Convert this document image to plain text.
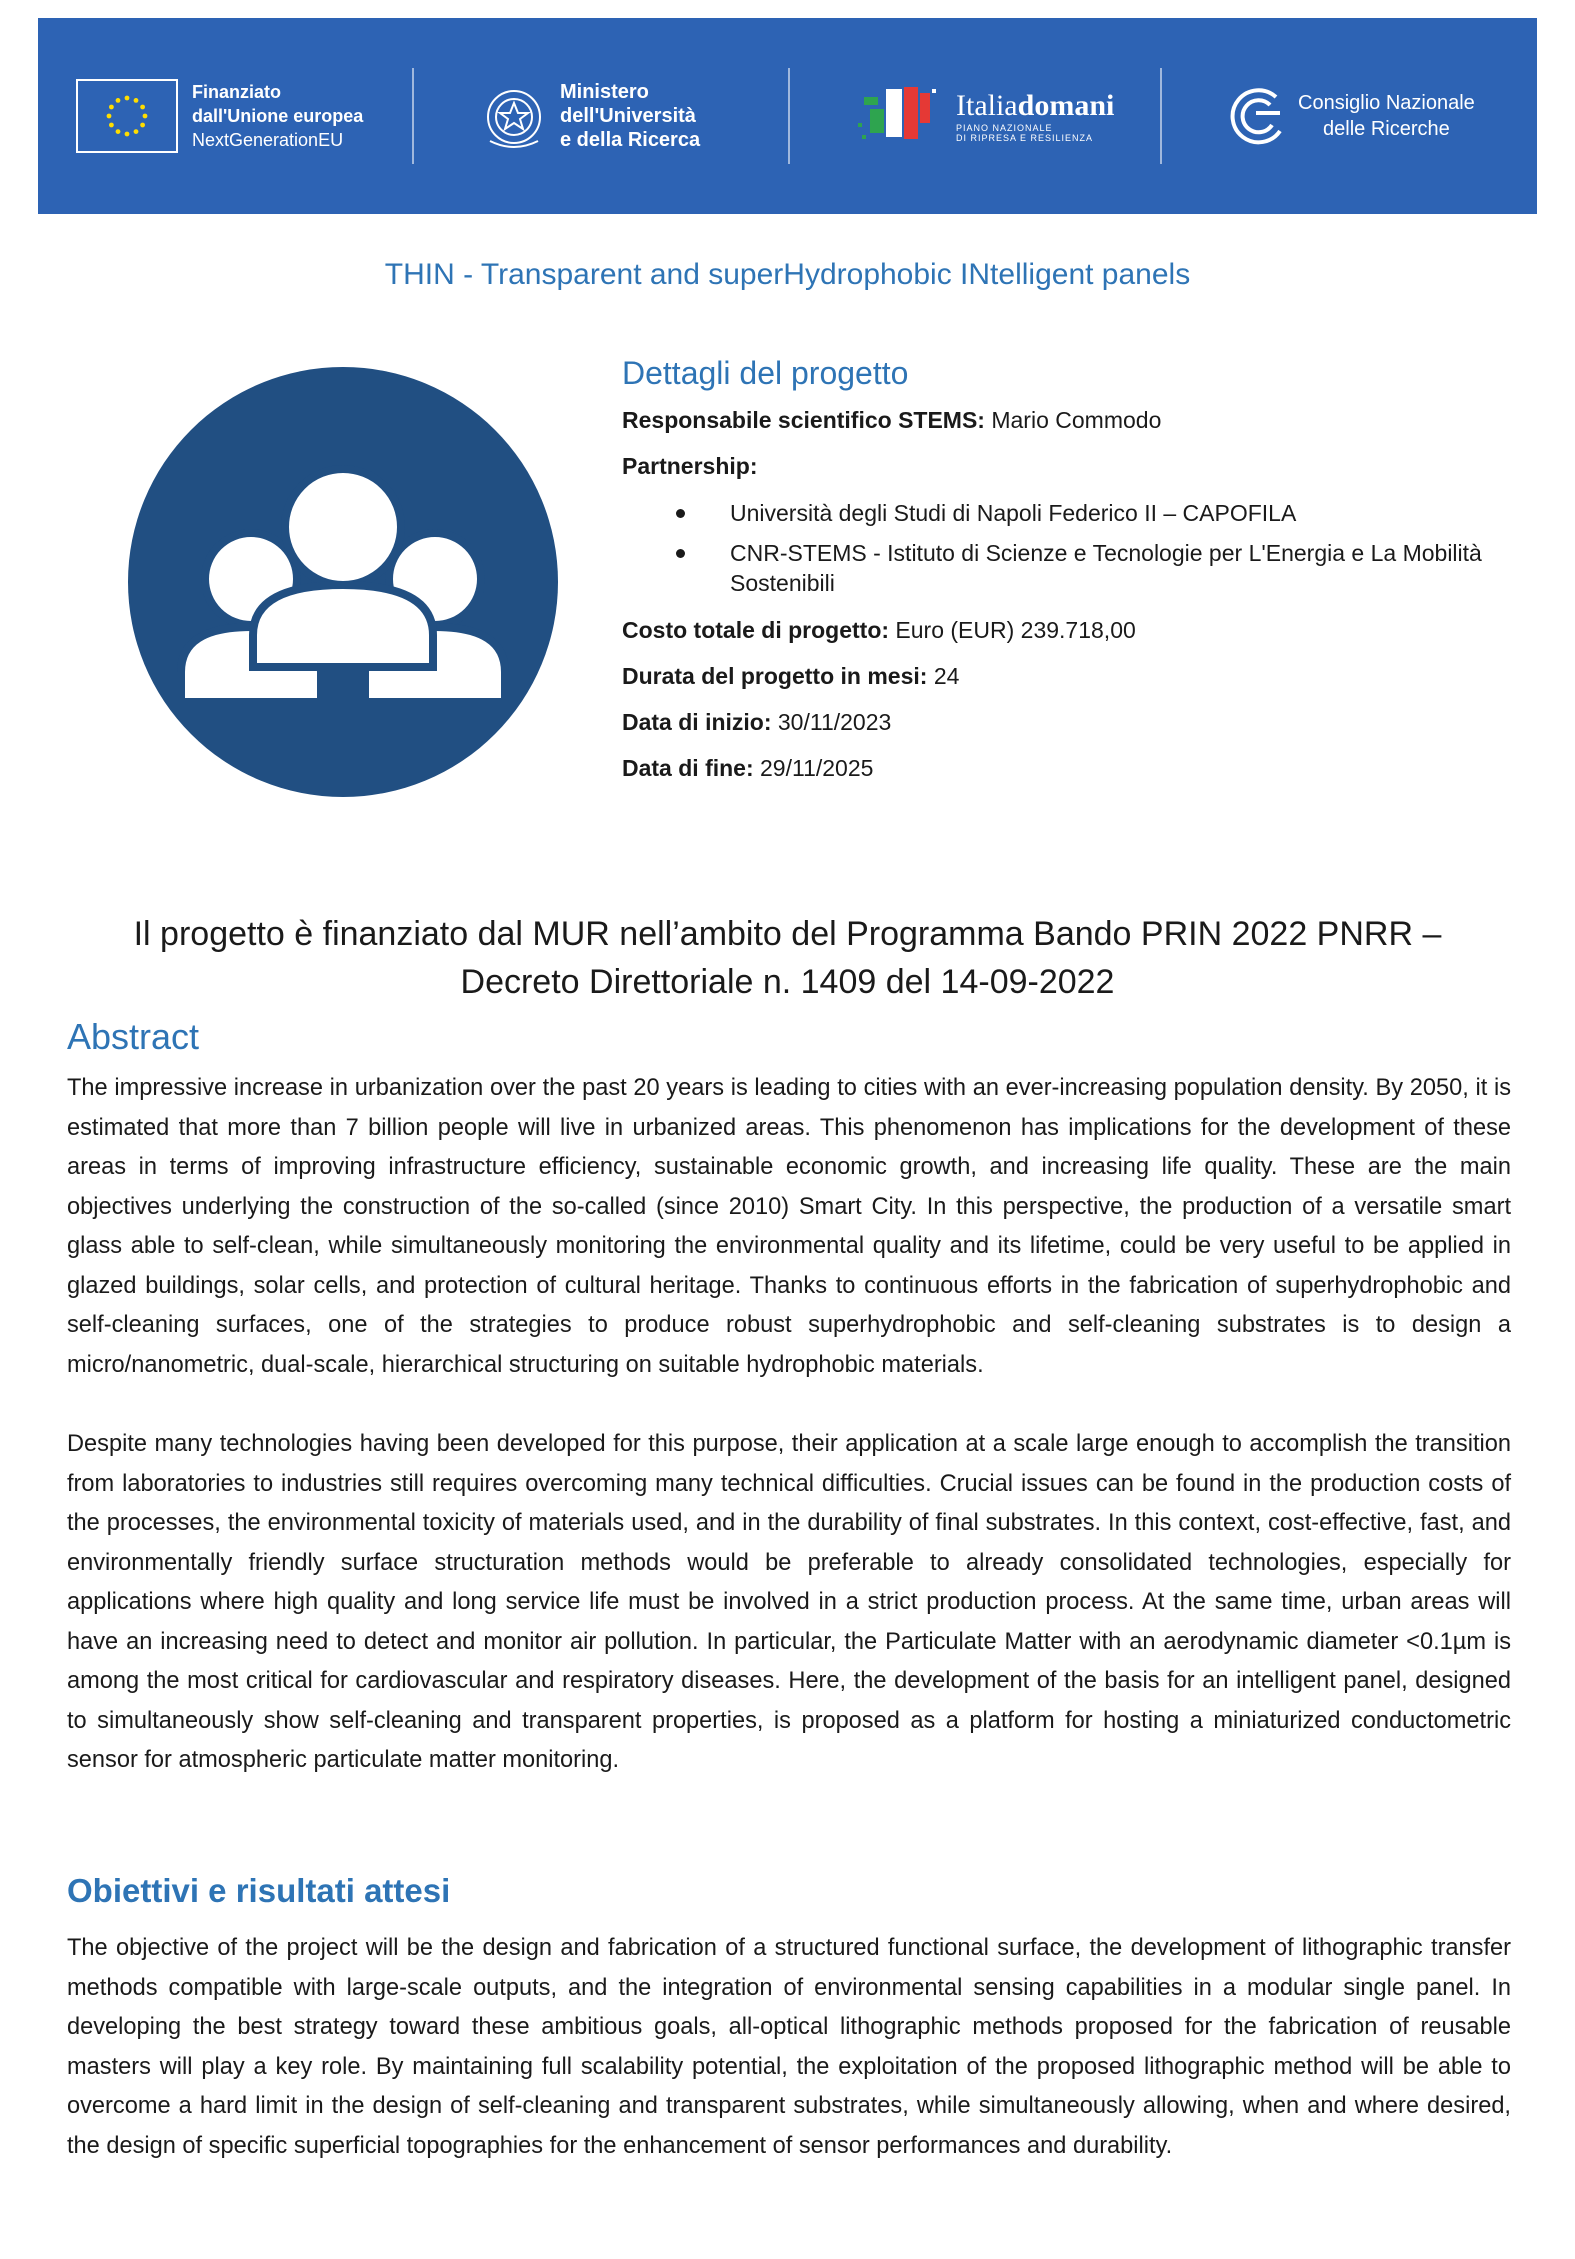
Finanziato
dall'Unione europea
NextGenerationEU
Ministero
dell'Università
e della Ricerca
Italiadomani
PIANO NAZIONALE
DI RIPRESA E RESILIENZA
Consiglio Nazionale
delle Ricerche
THIN - Transparent and superHydrophobic INtelligent panels
Dettagli del progetto
Responsabile scientifico STEMS: Mario Commodo
Partnership:
Università degli Studi di Napoli Federico II – CAPOFILA
CNR-STEMS - Istituto di Scienze e Tecnologie per L'Energia e La Mobilità Sostenibili
Costo totale di progetto: Euro (EUR) 239.718,00
Durata del progetto in mesi: 24
Data di inizio: 30/11/2023
Data di fine: 29/11/2025
Il progetto è finanziato dal MUR nell’ambito del Programma Bando PRIN 2022 PNRR –
Decreto Direttoriale n. 1409 del 14-09-2022
Abstract

The impressive increase in urbanization over the past 20 years is leading to cities with an ever-increasing population density. By 2050, it is estimated that more than 7 billion people will live in urbanized areas. This phenomenon has implications for the development of these areas in terms of improving infrastructure efficiency, sustainable economic growth, and increasing life quality. These are the main objectives underlying the construction of the so-called (since 2010) Smart City. In this perspective, the production of a versatile smart glass able to self-clean, while simultaneously monitoring the environmental quality and its lifetime, could be very useful to be applied in glazed buildings, solar cells, and protection of cultural heritage. Thanks to continuous efforts in the fabrication of superhydrophobic and self-cleaning surfaces, one of the strategies to produce robust superhydrophobic and self-cleaning substrates is to design a micro/nanometric, dual-scale, hierarchical structuring on suitable hydrophobic materials.

Despite many technologies having been developed for this purpose, their application at a scale large enough to accomplish the transition from laboratories to industries still requires overcoming many technical difficulties. Crucial issues can be found in the production costs of the processes, the environmental toxicity of materials used, and in the durability of final substrates. In this context, cost-effective, fast, and environmentally friendly surface structuration methods would be preferable to already consolidated technologies, especially for applications where high quality and long service life must be involved in a strict production process. At the same time, urban areas will have an increasing need to detect and monitor air pollution. In particular, the Particulate Matter with an aerodynamic diameter <0.1µm is among the most critical for cardiovascular and respiratory diseases. Here, the development of the basis for an intelligent panel, designed to simultaneously show self-cleaning and transparent properties, is proposed as a platform for hosting a miniaturized conductometric sensor for atmospheric particulate matter monitoring.

Obiettivi e risultati attesi

The objective of the project will be the design and fabrication of a structured functional surface, the development of lithographic transfer methods compatible with large-scale outputs, and the integration of environmental sensing capabilities in a modular single panel. In developing the best strategy toward these ambitious goals, all-optical lithographic methods proposed for the fabrication of reusable masters will play a key role. By maintaining full scalability potential, the exploitation of the proposed lithographic method will be able to overcome a hard limit in the design of self-cleaning and transparent substrates, while simultaneously allowing, when and where desired, the design of specific superficial topographies for the enhancement of sensor performances and durability.
